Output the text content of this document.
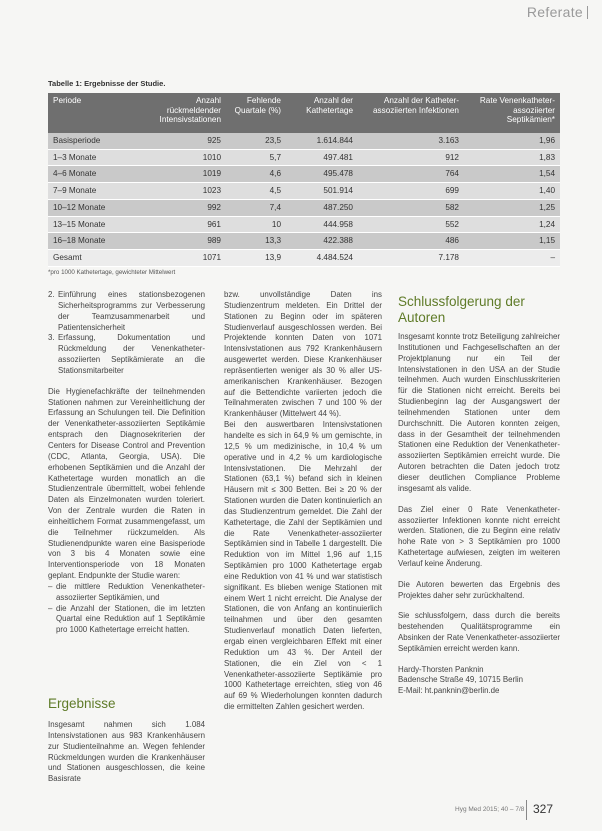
Referate
Tabelle 1: Ergebnisse der Studie.
Periode	Anzahl rückmeldender Intensivstationen	Fehlende Quartale (%)	Anzahl der Kathetertage	Anzahl der Katheter-assoziierten Infektionen	Rate Venenkatheter-assoziierter Septikämien*
Basisperiode	925	23,5	1.614.844	3.163	1,96
1–3 Monate	1010	5,7	497.481	912	1,83
4–6 Monate	1019	4,6	495.478	764	1,54
7–9 Monate	1023	4,5	501.914	699	1,40
10–12 Monate	992	7,4	487.250	582	1,25
13–15 Monate	961	10	444.958	552	1,24
16–18 Monate	989	13,3	422.388	486	1,15
Gesamt	1071	13,9	4.484.524	7.178	–
*pro 1000 Kathetertage, gewichteter Mittelwert
2. Einführung eines stationsbezogenen Sicherheitsprogramms zur Verbesserung der Teamzusammenarbeit und Patientensicherheit
3. Erfassung, Dokumentation und Rückmeldung der Venenkatheter-assoziierten Septikämierate an die Stationsmitarbeiter

Die Hygienefachkräfte der teilnehmenden Stationen nahmen zur Vereinheitlichung der Erfassung an Schulungen teil. Die Definition der Venenkatheter-assoziierten Septikämie entsprach den Diagnosekriterien der Centers for Disease Control and Prevention (CDC, Atlanta, Georgia, USA). Die erhobenen Septikämien und die Anzahl der Kathetertage wurden monatlich an die Studienzentrale übermittelt, wobei fehlende Daten als Einzelmonaten wurden toleriert. Von der Zentrale wurden die Raten in einheitlichem Format zusammengefasst, um die Teilnehmer rückzumelden. Als Studienendpunkte waren eine Basisperiode von 3 bis 4 Monaten sowie eine Interventionsperiode von 18 Monaten geplant. Endpunkte der Studie waren:

– die mittlere Reduktion Venenkatheter-assoziierter Septikämien, und
– die Anzahl der Stationen, die im letzten Quartal eine Reduktion auf 1 Septikämie pro 1000 Kathetertage erreicht hatten.
Ergebnisse
Insgesamt nahmen sich 1.084 Intensivstationen aus 983 Krankenhäusern zur Studienteilnahme an. Wegen fehlender Rückmeldungen wurden die Krankenhäuser und Stationen ausgeschlossen, die keine Basisrate

bzw. unvollständige Daten ins Studienzentrum meldeten. Ein Drittel der Stationen zu Beginn oder im späteren Studienverlauf ausgeschlossen werden. Bei Projektende konnten Daten von 1071 Intensivstationen aus 792 Krankenhäusern ausgewertet werden. Diese Krankenhäuser repräsentierten weniger als 30 % aller US-amerikanischen Krankenhäuser. Bezogen auf die Bettendichte variierten jedoch die Teilnahmeraten zwischen 7 und 100 % der Krankenhäuser (Mittelwert 44 %).

Bei den auswertbaren Intensivstationen handelte es sich in 64,9 % um gemischte, in 12,5 % um medizinische, in 10,4 % um operative und in 4,2 % um kardiologische Intensivstationen. Die Mehrzahl der Stationen (63,1 %) befand sich in kleinen Häusern mit ≤ 300 Betten. Bei ≥ 20 % der Stationen wurden die Daten kontinuierlich an das Studienzentrum gemeldet. Die Zahl der Kathetertage, die Zahl der Septikämien und die Rate Venenkatheter-assoziierter Septikämien sind in Tabelle 1 dargestellt. Die Reduktion von im Mittel 1,96 auf 1,15 Septikämien pro 1000 Kathetertage ergab eine Reduktion von 41 % und war statistisch signifikant. Es blieben wenige Stationen mit einem Wert 1 nicht erreicht. Die Analyse der Stationen, die von Anfang an kontinuierlich teilnahmen und über den gesamten Studienverlauf monatlich Daten lieferten, ergab einen vergleichbaren Effekt mit einer Reduktion um 43 %. Der Anteil der Stationen, die ein Ziel von < 1 Venenkatheter-assoziierte Septikämie pro 1000 Kathetertage erreichten, stieg von 46 auf 69 % Wiederholungen konnten dadurch die ermittelten Zahlen gesichert werden.

Schlussfolgerung der Autoren

Insgesamt konnte trotz Beteiligung zahlreicher Institutionen und Fachgesellschaften an der Projektplanung nur ein Teil der Intensivstationen in den USA an der Studie teilnehmen. Auch wurden Einschlusskriterien für die Stationen nicht erreicht. Bereits bei Studienbeginn lag der Ausgangswert der teilnehmenden Stationen unter dem Durchschnitt. Die Autoren konnten zeigen, dass in der Gesamtheit der teilnehmenden Stationen eine Reduktion der Venenkatheter-assoziierten Septikämien erreicht wurde. Die Autoren betrachten die Daten jedoch trotz dieser deutlichen Compliance Probleme insgesamt als valide.

Das Ziel einer 0 Rate Venenkatheter-assoziierter Infektionen konnte nicht erreicht werden. Stationen, die zu Beginn eine relativ hohe Rate von > 3 Septikämien pro 1000 Kathetertage aufwiesen, zeigten im weiteren Verlauf keine Änderung.

Die Autoren bewerten das Ergebnis des Projektes daher sehr zurückhaltend.

Sie schlussfolgern, dass durch die bereits bestehenden Qualitätsprogramme ein Absinken der Rate Venenkatheter-assoziierter Septikämien erreicht werden kann.

Hardy-Thorsten Panknin
Badensche Straße 49, 10715 Berlin
E-Mail: ht.panknin@berlin.de
Hyg Med 2015; 40 – 7/8 327
